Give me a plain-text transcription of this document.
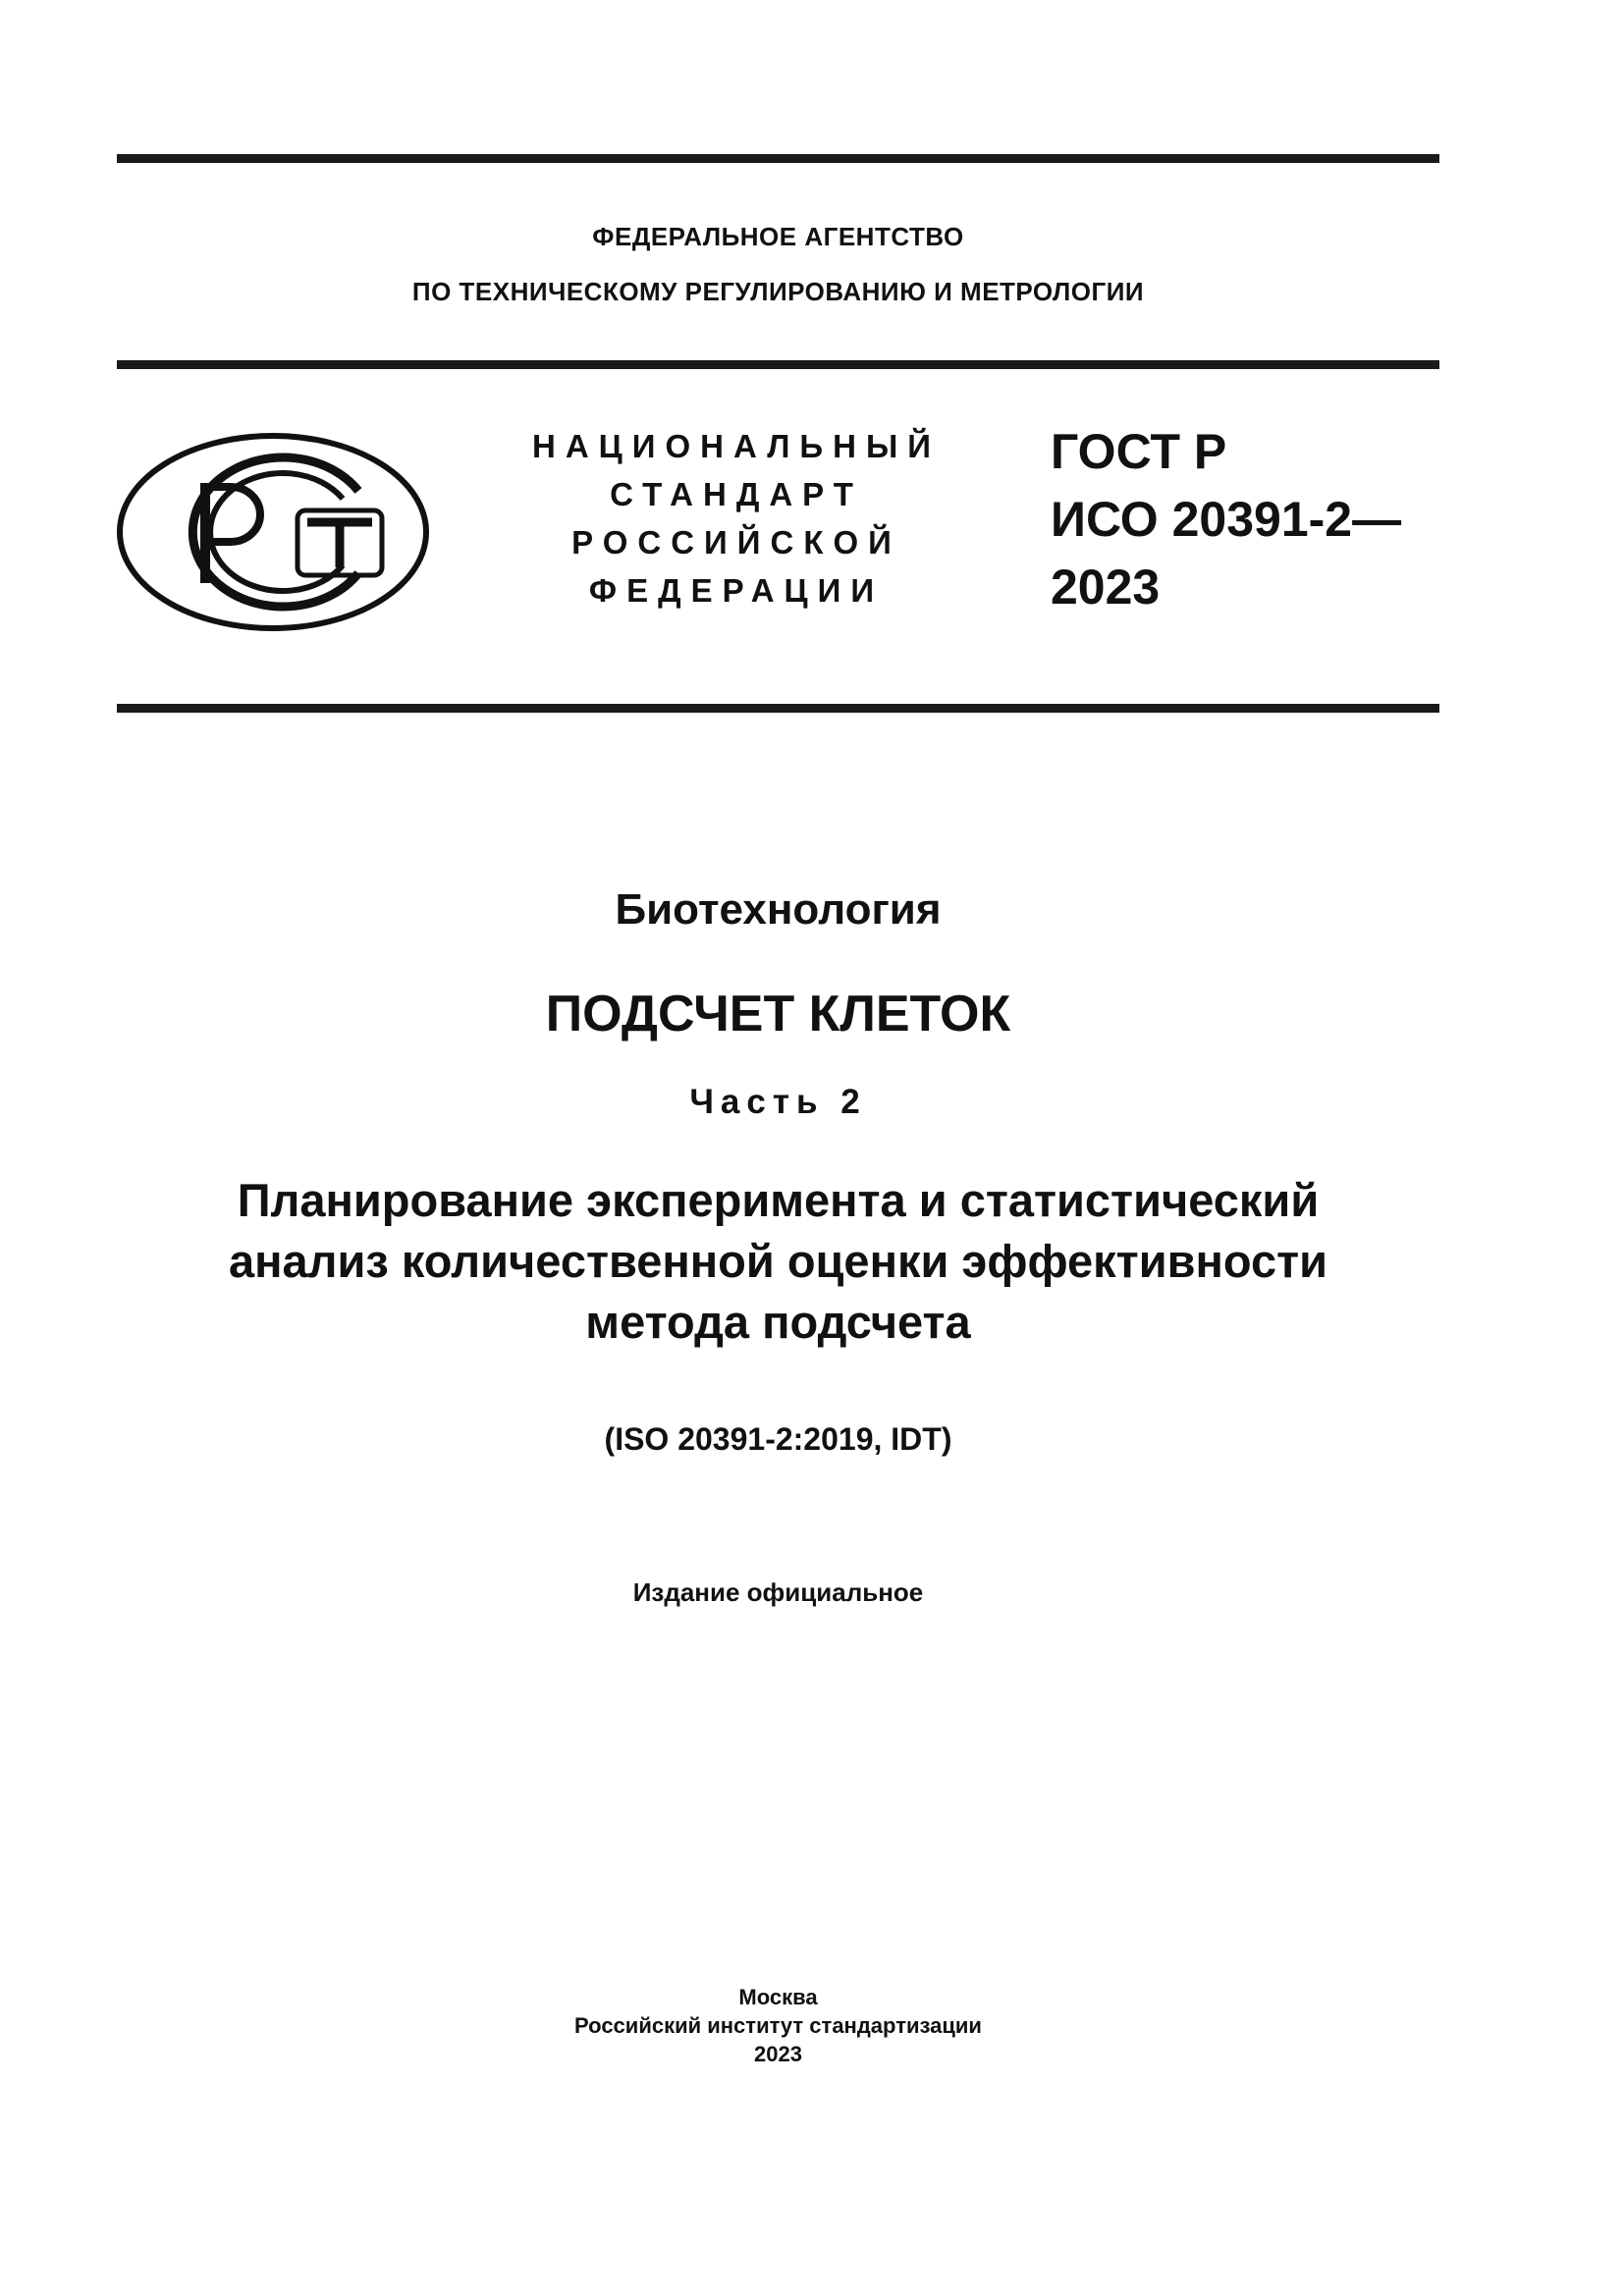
ФЕДЕРАЛЬНОЕ АГЕНТСТВО
ПО ТЕХНИЧЕСКОМУ РЕГУЛИРОВАНИЮ И МЕТРОЛОГИИ
НАЦИОНАЛЬНЫЙ
СТАНДАРТ
РОССИЙСКОЙ
ФЕДЕРАЦИИ
ГОСТ Р
ИСО 20391-2—
2023
Биотехнология
ПОДСЧЕТ КЛЕТОК
Часть 2
Планирование эксперимента и статистический
анализ количественной оценки эффективности
метода подсчета
(ISO 20391-2:2019, IDT)
Издание официальное
Москва
Российский институт стандартизации
2023
